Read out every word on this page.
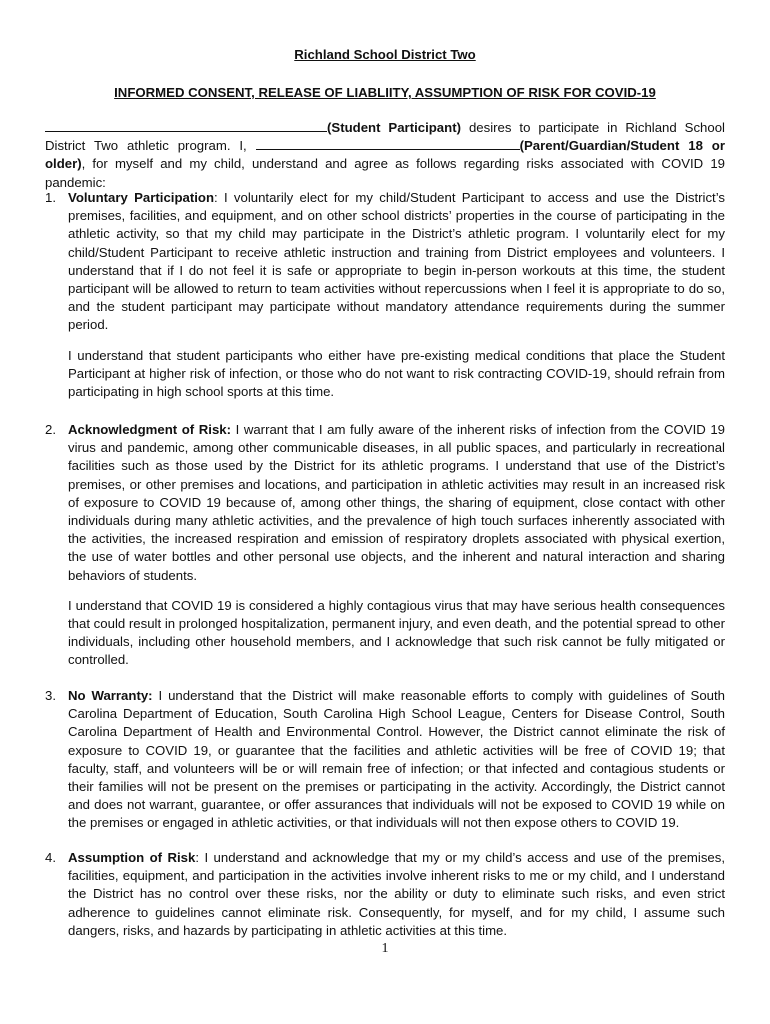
Richland School District Two
INFORMED CONSENT, RELEASE OF LIABLIITY, ASSUMPTION OF RISK FOR COVID-19
(Student Participant) desires to participate in Richland School District Two athletic program. I,	(Parent/Guardian/Student 18 or older), for myself and my child, understand and agree as follows regarding risks associated with COVID 19 pandemic:
1. Voluntary Participation: I voluntarily elect for my child/Student Participant to access and use the District’s premises, facilities, and equipment, and on other school districts’ properties in the course of participating in the athletic activity, so that my child may participate in the District’s athletic program. I voluntarily elect for my child/Student Participant to receive athletic instruction and training from District employees and volunteers. I understand that if I do not feel it is safe or appropriate to begin in-person workouts at this time, the student participant will be allowed to return to team activities without repercussions when I feel it is appropriate to do so, and the student participant may participate without mandatory attendance requirements during the summer period.

I understand that student participants who either have pre-existing medical conditions that place the Student Participant at higher risk of infection, or those who do not want to risk contracting COVID-19, should refrain from participating in high school sports at this time.

2. Acknowledgment of Risk: I warrant that I am fully aware of the inherent risks of infection from the COVID 19 virus and pandemic, among other communicable diseases, in all public spaces, and particularly in recreational facilities such as those used by the District for its athletic programs. I understand that use of the District’s premises, or other premises and locations, and participation in athletic activities may result in an increased risk of exposure to COVID 19 because of, among other things, the sharing of equipment, close contact with other individuals during many athletic activities, and the prevalence of high touch surfaces inherently associated with the activities, the increased respiration and emission of respiratory droplets associated with physical exertion, the use of water bottles and other personal use objects, and the inherent and natural interaction and sharing behaviors of students.

I understand that COVID 19 is considered a highly contagious virus that may have serious health consequences that could result in prolonged hospitalization, permanent injury, and even death, and the potential spread to other individuals, including other household members, and I acknowledge that such risk cannot be fully mitigated or controlled.

3. No Warranty: I understand that the District will make reasonable efforts to comply with guidelines of South Carolina Department of Education, South Carolina High School League, Centers for Disease Control, South Carolina Department of Health and Environmental Control. However, the District cannot eliminate the risk of exposure to COVID 19, or guarantee that the facilities and athletic activities will be free of COVID 19; that faculty, staff, and volunteers will be or will remain free of infection; or that infected and contagious students or their families will not be present on the premises or participating in the activity. Accordingly, the District cannot and does not warrant, guarantee, or offer assurances that individuals will not be exposed to COVID 19 while on the premises or engaged in athletic activities, or that individuals will not then expose others to COVID 19.

4. Assumption of Risk: I understand and acknowledge that my or my child’s access and use of the premises, facilities, equipment, and participation in the activities involve inherent risks to me or my child, and I understand the District has no control over these risks, nor the ability or duty to eliminate such risks, and even strict adherence to guidelines cannot eliminate risk. Consequently, for myself, and for my child, I assume such dangers, risks, and hazards by participating in athletic activities at this time.

1
